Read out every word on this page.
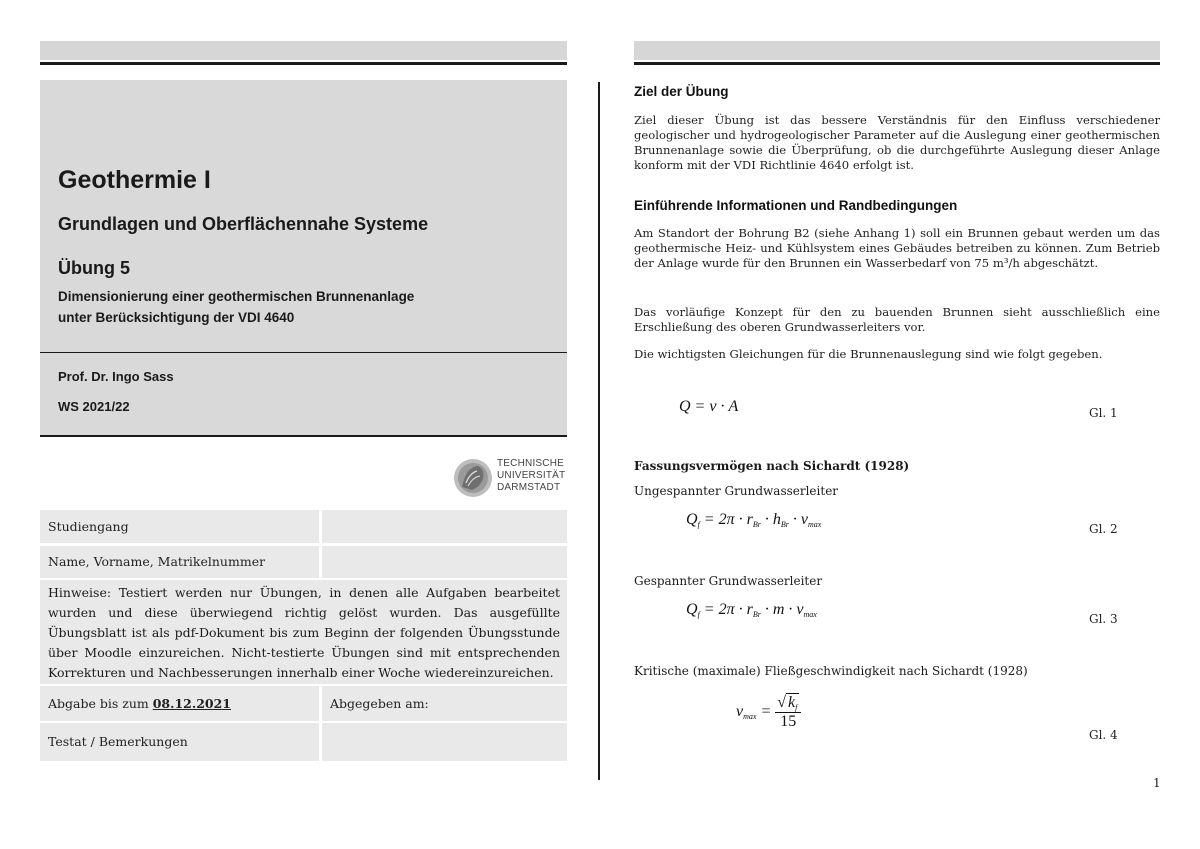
Geothermie I
Grundlagen und Oberflächennahe Systeme
Übung 5
Dimensionierung einer geothermischen Brunnenanlage
unter Berücksichtigung der VDI 4640
Prof. Dr. Ingo Sass
WS 2021/22
TECHNISCHE
UNIVERSITÄT
DARMSTADT
Studiengang
Name, Vorname, Matrikelnummer
Hinweise: Testiert werden nur Übungen, in denen alle Aufgaben bearbeitet wurden und diese überwiegend richtig gelöst wurden. Das ausgefüllte Übungsblatt ist als pdf-Dokument bis zum Beginn der folgenden Übungsstunde über Moodle einzureichen. Nicht-testierte Übungen sind mit entsprechenden Korrekturen und Nachbesserungen innerhalb einer Woche wiedereinzureichen.
Abgabe bis zum 08.12.2021	Abgegeben am:
Testat / Bemerkungen
Ziel der Übung
Ziel dieser Übung ist das bessere Verständnis für den Einfluss verschiedener geologischer und hydrogeologischer Parameter auf die Auslegung einer geothermischen Brunnenanlage sowie die Überprüfung, ob die durchgeführte Auslegung dieser Anlage konform mit der VDI Richtlinie 4640 erfolgt ist.
Einführende Informationen und Randbedingungen
Am Standort der Bohrung B2 (siehe Anhang 1) soll ein Brunnen gebaut werden um das geothermische Heiz- und Kühlsystem eines Gebäudes betreiben zu können. Zum Betrieb der Anlage wurde für den Brunnen ein Wasserbedarf von 75 m³/h abgeschätzt.
Das vorläufige Konzept für den zu bauenden Brunnen sieht ausschließlich eine Erschließung des oberen Grundwasserleiters vor.
Die wichtigsten Gleichungen für die Brunnenauslegung sind wie folgt gegeben.
Q = ν · A	Gl. 1
Fassungsvermögen nach Sichardt (1928)
Ungespannter Grundwasserleiter
$Q_f = 2\pi \cdot r_{Br} \cdot h_{Br} \cdot \nu_{max}$	Gl. 2
Gespannter Grundwasserleiter
$Q_f = 2\pi \cdot r_{Br} \cdot m \cdot \nu_{max}$	Gl. 3
Kritische (maximale) Fließgeschwindigkeit nach Sichardt (1928)
$\nu_{max} = \frac{√ k_f}{15}$
Gl. 4
1
